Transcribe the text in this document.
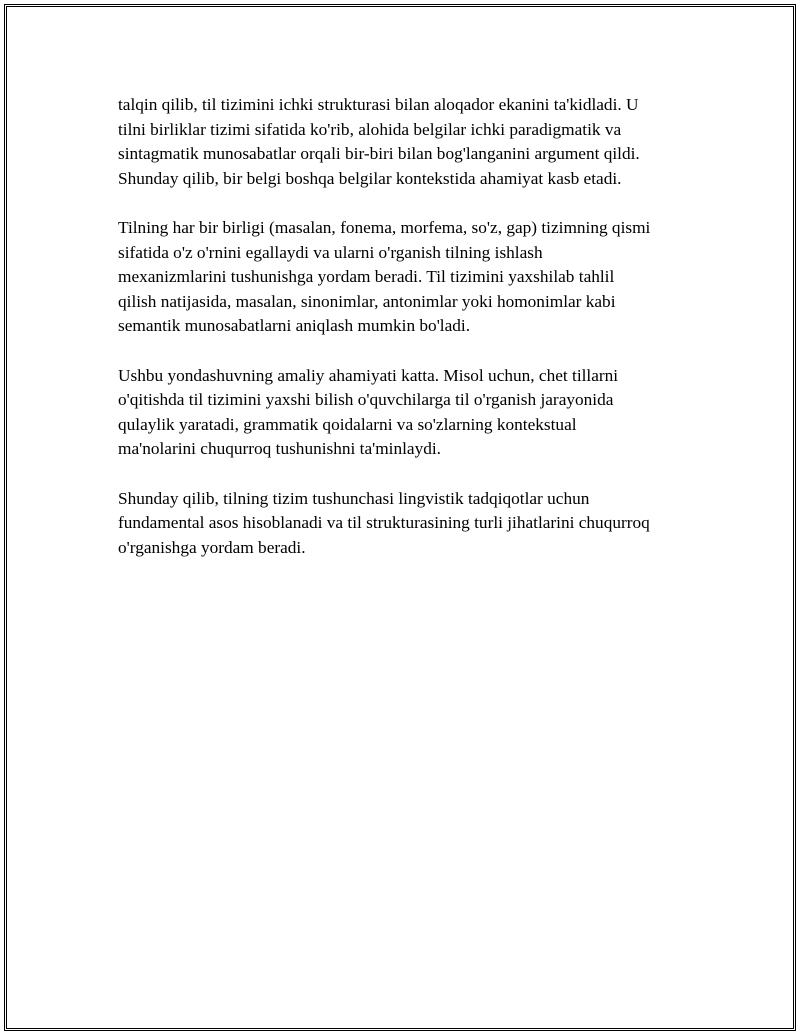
talqin qilib, til tizimini ichki strukturasi bilan aloqador ekanini ta'kidladi. U
tilni birliklar tizimi sifatida ko'rib, alohida belgilar ichki paradigmatik va
sintagmatik munosabatlar orqali bir-biri bilan bog'langanini argument qildi.
Shunday qilib, bir belgi boshqa belgilar kontekstida ahamiyat kasb etadi.

Tilning har bir birligi (masalan, fonema, morfema, so'z, gap) tizimning qismi
sifatida o'z o'rnini egallaydi va ularni o'rganish tilning ishlash
mexanizmlarini tushunishga yordam beradi. Til tizimini yaxshilab tahlil
qilish natijasida, masalan, sinonimlar, antonimlar yoki homonimlar kabi
semantik munosabatlarni aniqlash mumkin bo'ladi.

Ushbu yondashuvning amaliy ahamiyati katta. Misol uchun, chet tillarni
o'qitishda til tizimini yaxshi bilish o'quvchilarga til o'rganish jarayonida
qulaylik yaratadi, grammatik qoidalarni va so'zlarning kontekstual
ma'nolarini chuqurroq tushunishni ta'minlaydi.

Shunday qilib, tilning tizim tushunchasi lingvistik tadqiqotlar uchun
fundamental asos hisoblanadi va til strukturasining turli jihatlarini chuqurroq
o'rganishga yordam beradi.
